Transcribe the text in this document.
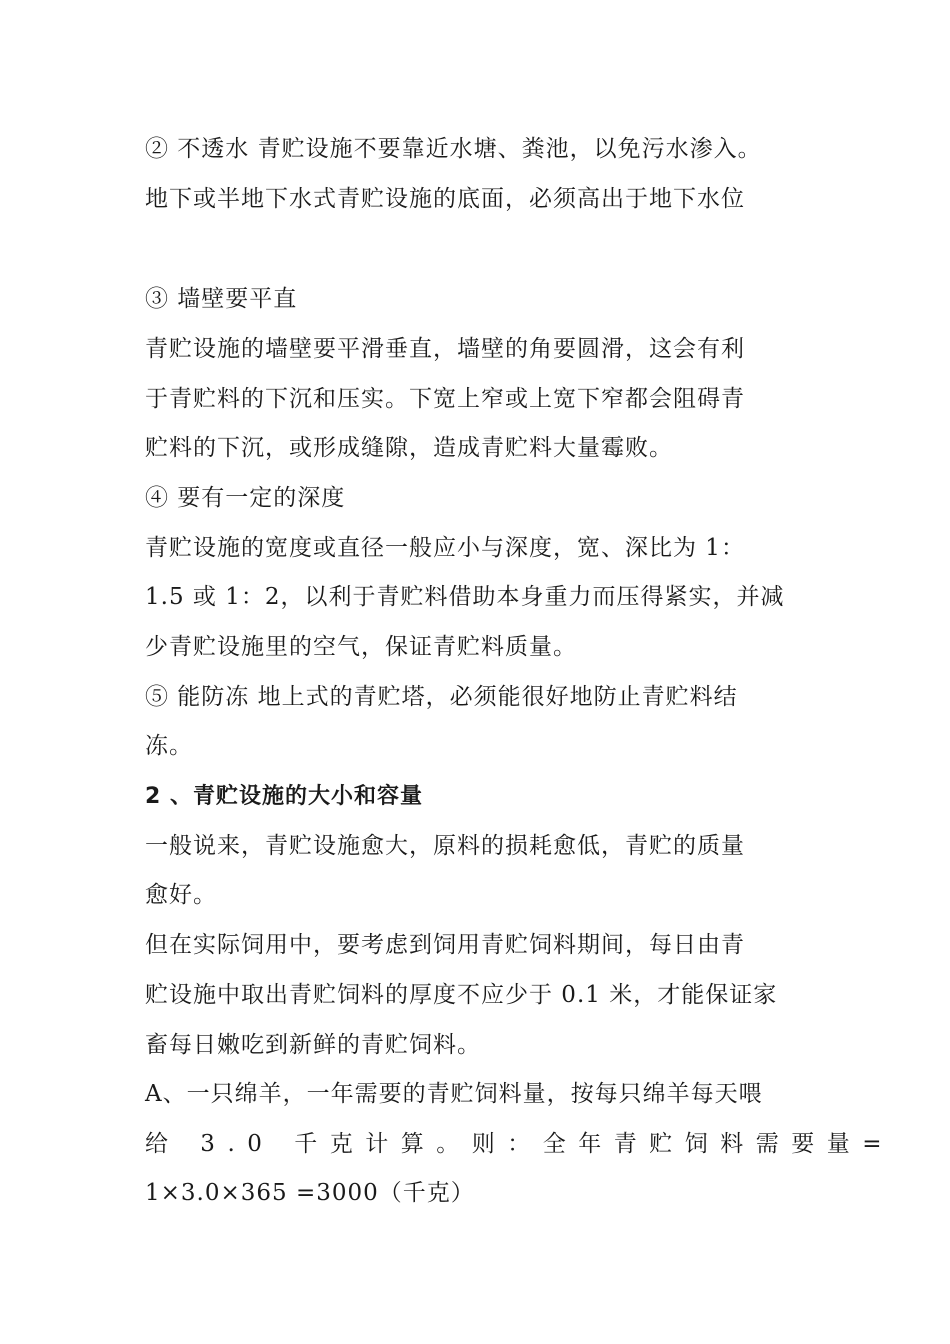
② 不透水 青贮设施不要靠近水塘、粪池，以免污水渗入。
地下或半地下水式青贮设施的底面，必须高出于地下水位
③ 墙壁要平直
青贮设施的墙壁要平滑垂直，墙壁的角要圆滑，这会有利
于青贮料的下沉和压实。下宽上窄或上宽下窄都会阻碍青
贮料的下沉，或形成缝隙，造成青贮料大量霉败。
④ 要有一定的深度
青贮设施的宽度或直径一般应小与深度，宽、深比为 1：
1.5 或 1：2，以利于青贮料借助本身重力而压得紧实，并减
少青贮设施里的空气，保证青贮料质量。
⑤ 能防冻 地上式的青贮塔，必须能很好地防止青贮料结
冻。
2 、青贮设施的大小和容量
一般说来，青贮设施愈大，原料的损耗愈低，青贮的质量
愈好。
但在实际饲用中，要考虑到饲用青贮饲料期间，每日由青
贮设施中取出青贮饲料的厚度不应少于 0.1 米，才能保证家
畜每日嫩吃到新鲜的青贮饲料。
A、一只绵羊，一年需要的青贮饲料量，按每只绵羊每天喂
给 3.0 千克计算。则：全年青贮饲料需要量=
1×3.0×365 =3000（千克）
